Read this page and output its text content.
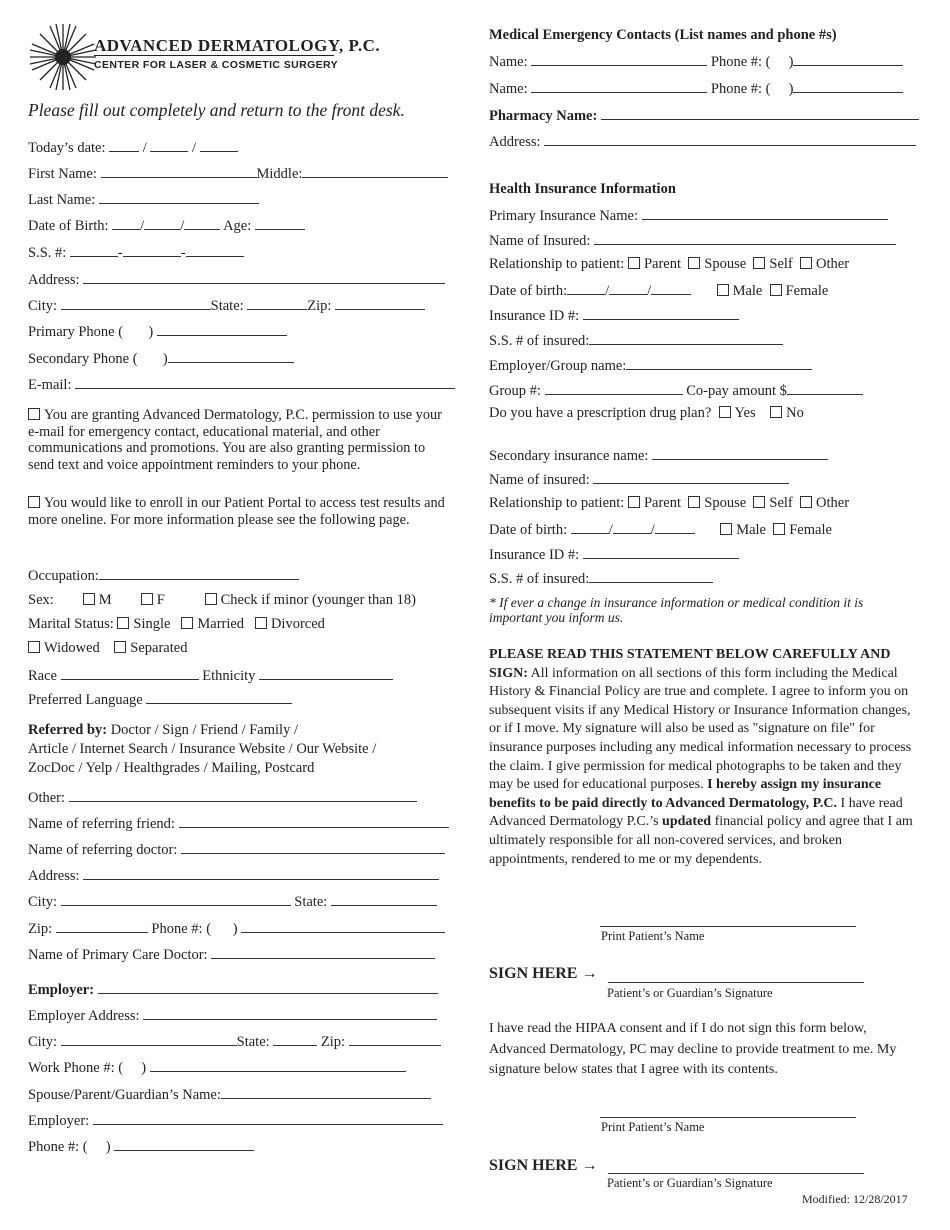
ADVANCED DERMATOLOGY, P.C.
CENTER FOR LASER & COSMETIC SURGERY
Please fill out completely and return to the front desk.
Today’s date:  /	/
First Name:	Middle:
Last Name:
Date of Birth: / /	Age:
S.S. #:	-	-
Address:
City:	State:	Zip:
Primary Phone (       )
Secondary Phone (       )
E-mail:
You are granting Advanced Dermatology, P.C. permission to use your e-mail for emergency contact, educational material, and other communications and promotions. You are also granting permission to send text and voice appointment reminders to your phone.
You would like to enroll in our Patient Portal to access test results and more oneline. For more information please see the following page.
Occupation:
Sex:	M	F	Check if minor (younger than 18)
Marital Status: Single Married Divorced
Widowed Separated
Race	Ethnicity
Preferred Language
Referred by: Doctor / Sign / Friend / Family /
Article / Internet Search / Insurance Website / Our Website /
ZocDoc / Yelp / Healthgrades / Mailing, Postcard
Other:
Name of referring friend:
Name of referring doctor:
Address:
City:	State:
Zip:	Phone #: (      )
Name of Primary Care Doctor:
Employer:
Employer Address:
City:	State:	Zip:
Work Phone #: (     )
Spouse/Parent/Guardian’s Name:
Employer:
Phone #: (     )
Medical Emergency Contacts (List names and phone #s)
Name:	Phone #: (     )
Name:	Phone #: (     )
Pharmacy Name:
Address:
Health Insurance Information
Primary Insurance Name:
Name of Insured:
Relationship to patient: Parent Spouse Self Other
Date of birth:	/	/	Male Female
Insurance ID #:
S.S. # of insured:
Employer/Group name:
Group #:	Co-pay amount $
Do you have a prescription drug plan? Yes No
Secondary insurance name:
Name of insured:
Relationship to patient: Parent Spouse Self Other
Date of birth:	/	/	Male Female
Insurance ID #:
S.S. # of insured:
* If ever a change in insurance information or medical condition it is important you inform us.
PLEASE READ THIS STATEMENT BELOW CAREFULLY AND SIGN: All information on all sections of this form including the Medical History & Financial Policy are true and complete. I agree to inform you on subsequent visits if any Medical History or Insurance Information changes, or if I move. My signature will also be used as "signature on file" for insurance purposes including any medical information necessary to process the claim. I give permission for medical photographs to be taken and they may be used for educational purposes. I hereby assign my insurance benefits to be paid directly to Advanced Dermatology, P.C. I have read Advanced Dermatology P.C.’s updated financial policy and agree that I am ultimately responsible for all non-covered services, and broken appointments, rendered to me or my dependents.
Print Patient’s Name
SIGN HERE →
Patient’s or Guardian’s Signature
I have read the HIPAA consent and if I do not sign this form below, Advanced Dermatology, PC may decline to provide treatment to me. My signature below states that I agree with its contents.
Print Patient’s Name
SIGN HERE →
Patient’s or Guardian’s Signature
Modified: 12/28/2017
